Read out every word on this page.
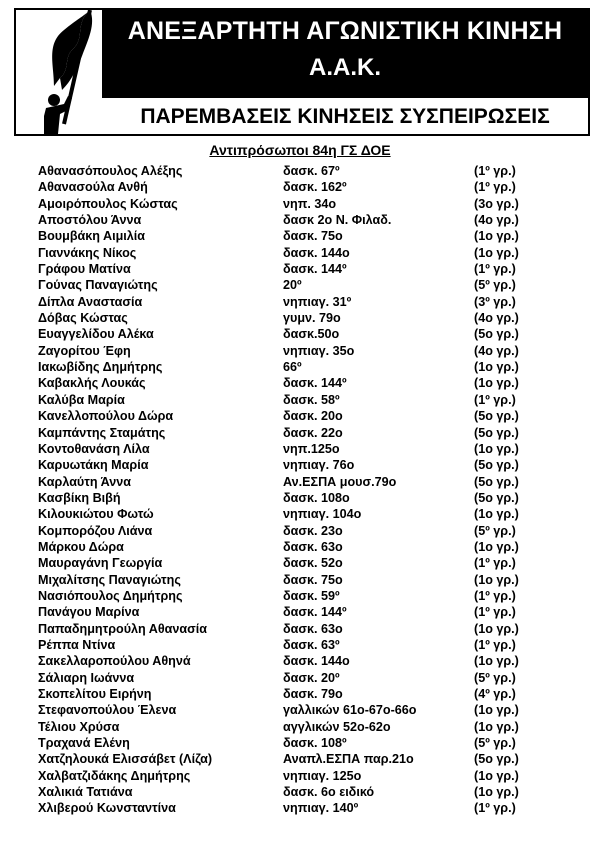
ΑΝΕΞΑΡΤΗΤΗ ΑΓΩΝΙΣΤΙΚΗ ΚΙΝΗΣΗ
Α.Α.Κ.
ΠΑΡΕΜΒΑΣΕΙΣ ΚΙΝΗΣΕΙΣ ΣΥΣΠΕΙΡΩΣΕΙΣ
Αντιπρόσωποι 84η ΓΣ ΔΟΕ
Αθανασόπουλος Αλέξης	δασκ. 67º	(1º γρ.)
Αθανασούλα Ανθή	δασκ. 162º	(1º γρ.)
Αμοιρόπουλος Κώστας	νηπ. 34ο	(3ο γρ.)
Αποστόλου Άννα	δασκ 2ο Ν. Φιλαδ.	(4ο γρ.)
Βουμβάκη Αιμιλία	δασκ. 75ο	(1ο γρ.)
Γιαννάκης Νίκος	δασκ. 144ο	(1ο γρ.)
Γράφου Ματίνα	δασκ. 144º	(1º γρ.)
Γούνας Παναγιώτης	20º	(5º γρ.)
Δίπλα Αναστασία	νηπιαγ. 31º	(3º γρ.)
Δόβας Κώστας	γυμν. 79ο	(4ο γρ.)
Ευαγγελίδου Αλέκα	δασκ.50ο	(5ο γρ.)
Ζαγορίτου Έφη	νηπιαγ. 35ο	(4ο γρ.)
Ιακωβίδης Δημήτρης	66º	(1ο γρ.)
Καβακλής Λουκάς	δασκ. 144º	(1ο γρ.)
Καλύβα Μαρία	δασκ. 58º	(1º γρ.)
Κανελλοπούλου Δώρα	δασκ. 20ο	(5ο γρ.)
Καμπάντης Σταμάτης	δασκ. 22ο	(5ο γρ.)
Κοντοθανάση Λίλα	νηπ.125ο	(1ο γρ.)
Καρυωτάκη Μαρία	νηπιαγ. 76ο	(5ο γρ.)
Καρλαύτη Άννα	Αν.ΕΣΠΑ μουσ.79ο	(5ο γρ.)
Κασβίκη Βιβή	δασκ. 108ο	(5ο γρ.)
Κιλουκιώτου Φωτώ	νηπιαγ. 104ο	(1ο γρ.)
Κομπορόζου Λιάνα	δασκ. 23ο	(5º γρ.)
Μάρκου Δώρα	δασκ. 63ο	(1ο γρ.)
Μαυραγάνη Γεωργία	δασκ. 52ο	(1º γρ.)
Μιχαλίτσης Παναγιώτης	δασκ. 75ο	(1ο γρ.)
Νασιόπουλος Δημήτρης	δασκ. 59º	(1º γρ.)
Πανάγου Μαρίνα	δασκ. 144º	(1º γρ.)
Παπαδημητρούλη Αθανασία	δασκ. 63ο	(1ο γρ.)
Ρέππα Ντίνα	δασκ. 63º	(1º γρ.)
Σακελλαροπούλου Αθηνά	δασκ. 144ο	(1ο γρ.)
Σάλιαρη Ιωάννα	δασκ. 20º	(5º γρ.)
Σκοπελίτου Ειρήνη	δασκ. 79ο	(4º γρ.)
Στεφανοπούλου Έλενα	γαλλικών 61ο-67ο-66ο	(1ο γρ.)
Τέλιου Χρύσα	αγγλικών 52ο-62ο	(1ο γρ.)
Τραχανά Ελένη	δασκ. 108º	(5º γρ.)
Χατζηλουκά Ελισσάβετ (Λίζα)	Αναπλ.ΕΣΠΑ παρ.21ο	(5ο γρ.)
Χαλβατζιδάκης Δημήτρης	νηπιαγ. 125ο	(1ο γρ.)
Χαλικιά Τατιάνα	δασκ. 6ο ειδικό	(1ο γρ.)
Χλιβερού Κωνσταντίνα	νηπιαγ. 140º	(1º γρ.)
